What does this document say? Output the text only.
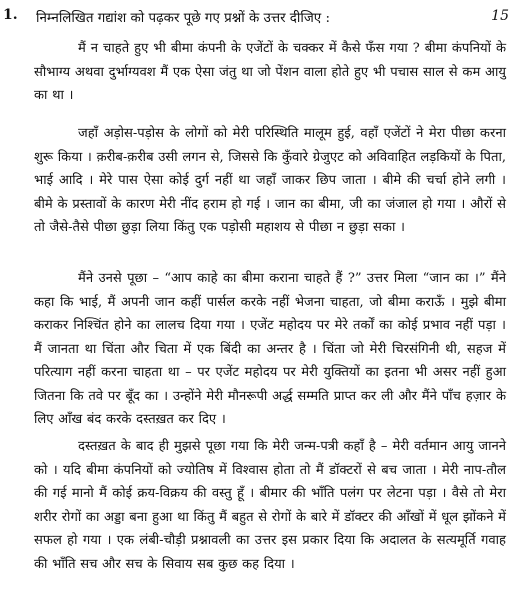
1. निम्नलिखित गद्यांश को पढ़कर पूछे गए प्रश्नों के उत्तर दीजिए :	15
मैं न चाहते हुए भी बीमा कंपनी के एजेंटों के चक्कर में कैसे फँस गया ? बीमा कंपनियों के सौभाग्य अथवा दुर्भाग्यवश मैं एक ऐसा जंतु था जो पेंशन वाला होते हुए भी पचास साल से कम आयु का था ।
जहाँ अड़ोस-पड़ोस के लोगों को मेरी परिस्थिति मालूम हुई, वहाँ एजेंटों ने मेरा पीछा करना शुरू किया । क़रीब-क़रीब उसी लगन से, जिससे कि कुँवारे ग्रेजुएट को अविवाहित लड़कियों के पिता, भाई आदि । मेरे पास ऐसा कोई दुर्ग नहीं था जहाँ जाकर छिप जाता । बीमे की चर्चा होने लगी । बीमे के प्रस्तावों के कारण मेरी नींद हराम हो गई । जान का बीमा, जी का जंजाल हो गया । औरों से तो जैसे-तैसे पीछा छुड़ा लिया किंतु एक पड़ोसी महाशय से पीछा न छुड़ा सका ।
मैंने उनसे पूछा – “आप काहे का बीमा कराना चाहते हैं ?” उत्तर मिला “जान का ।” मैंने कहा कि भाई, मैं अपनी जान कहीं पार्सल करके नहीं भेजना चाहता, जो बीमा कराऊँ । मुझे बीमा कराकर निश्चिंत होने का लालच दिया गया । एजेंट महोदय पर मेरे तर्कों का कोई प्रभाव नहीं पड़ा । मैं जानता था चिंता और चिता में एक बिंदी का अन्तर है । चिंता जो मेरी चिरसंगिनी थी, सहज में परित्याग नहीं करना चाहता था – पर एजेंट महोदय पर मेरी युक्तियों का इतना भी असर नहीं हुआ जितना कि तवे पर बूँद का । उन्होंने मेरी मौनरूपी अर्द्ध सम्मति प्राप्त कर ली और मैंने पाँच हज़ार के लिए आँख बंद करके दस्तख़त कर दिए ।
दस्तख़त के बाद ही मुझसे पूछा गया कि मेरी जन्म-पत्री कहाँ है – मेरी वर्तमान आयु जानने को । यदि बीमा कंपनियों को ज्योतिष में विश्वास होता तो मैं डॉक्टरों से बच जाता । मेरी नाप-तौल की गई मानो मैं कोई क्रय-विक्रय की वस्तु हूँ । बीमार की भाँति पलंग पर लेटना पड़ा । वैसे तो मेरा शरीर रोगों का अड्डा बना हुआ था किंतु मैं बहुत से रोगों के बारे में डॉक्टर की आँखों में धूल झोंकने में सफल हो गया । एक लंबी-चौड़ी प्रश्नावली का उत्तर इस प्रकार दिया कि अदालत के सत्यमूर्ति गवाह की भाँति सच और सच के सिवाय सब कुछ कह दिया ।
